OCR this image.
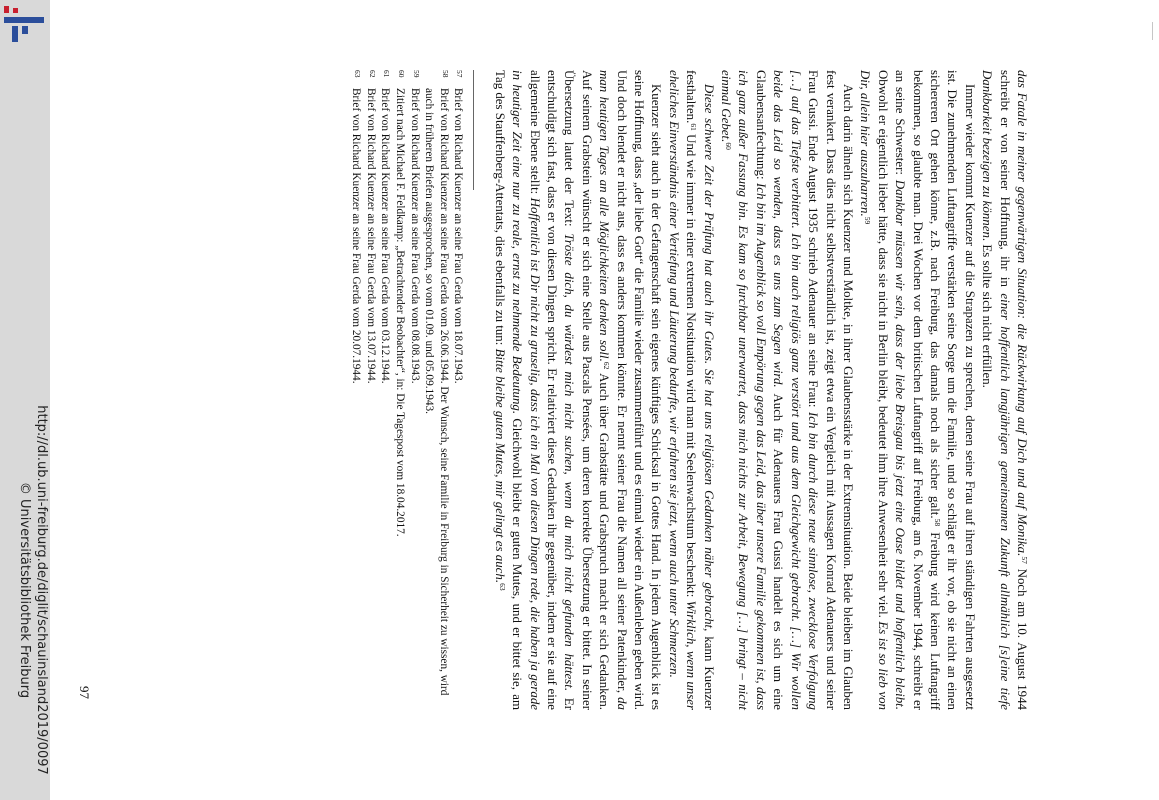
http://dl.ub.uni-freiburg.de/diglit/schauinsland2019/0097
© Universitätsbibliothek Freiburg

das Fatale in meiner gegenwärtigen Situation: die Rückwirkung auf Dich und auf Monika.$^{57}$ Noch am 10. August 1944 schreibt er von seiner Hoffnung, ihr in einer hoffentlich langjährigen gemeinsamen Zukunft allmählich [s]eine tiefe Dankbarkeit bezeigen zu können. Es sollte sich nicht erfüllen.

Immer wieder kommt Kuenzer auf die Strapazen zu sprechen, denen seine Frau auf ihren ständigen Fahrten ausgesetzt ist. Die zunehmenden Luftangriffe verstärken seine Sorge um die Familie, und so schlägt er ihr vor, ob sie nicht an einen sichereren Ort gehen könne, z.B. nach Freiburg, das damals noch als sicher galt.$^{58}$ Freiburg wird keinen Luftangriff bekommen, so glaubte man. Drei Wochen vor dem britischen Luftangriff auf Freiburg, am 6. November 1944, schreibt er an seine Schwester: Dankbar müssen wir sein, dass der liebe Breisgau bis jetzt eine Oase bildet und hoffentlich bleibt. Obwohl er eigentlich lieber hätte, dass sie nicht in Berlin bleibt, bedeutet ihm ihre Anwesenheit sehr viel. Es ist so lieb von Dir, allein hier auszuharren.$^{59}$

Auch darin ähneln sich Kuenzer und Moltke, in ihrer Glaubensstärke in der Extremsituation. Beide bleiben im Glauben fest verankert. Dass dies nicht selbstverständlich ist, zeigt etwa ein Vergleich mit Aussagen Konrad Adenauers und seiner Frau Gussi. Ende August 1935 schrieb Adenauer an seine Frau: Ich bin durch diese neue sinnlose, zwecklose Verfolgung […] auf das Tiefste verbittert. Ich bin auch religiös ganz verstört und aus dem Gleichgewicht gebracht. […] Wir wollen beide das Leid so wenden, dass es uns zum Segen wird. Auch für Adenauers Frau Gussi handelt es sich um eine Glaubensanfechtung: Ich bin im Augenblick so voll Empörung gegen das Leid, das über unsere Familie gekommen ist, dass ich ganz außer Fassung bin. Es kam so furchtbar unerwartet, dass mich nichts zur Arbeit, Bewegung […] bringt – nicht einmal Gebet.$^{60}$

Diese schwere Zeit der Prüfung hat auch ihr Gutes. Sie hat uns religiösen Gedanken näher gebracht, kann Kuenzer festhalten.$^{61}$ Und wie immer in einer extremen Notsituation wird man mit Seelenwachstum beschenkt: Wirklich, wenn unser eheliches Einverständnis einer Vertiefung und Läuterung bedurfte, wir erfahren sie jetzt, wenn auch unter Schmerzen.

Kuenzer sieht auch in der Gefangenschaft sein eigenes künftiges Schicksal in Gottes Hand. In jedem Augenblick ist es seine Hoffnung, dass „der liebe Gott“ die Familie wieder zusammenführt und es einmal wieder ein Außenleben geben wird. Und doch blendet er nicht aus, dass es anders kommen könnte. Er nennt seiner Frau die Namen all seiner Patenkinder, da man heutigen Tages an alle Möglichkeiten denken soll.$^{62}$ Auch über Grabstätte und Grabspruch macht er sich Gedanken. Auf seinem Grabstein wünscht er sich eine Stelle aus Pascals Pensées, um deren korrekte Übersetzung er bittet. In seiner Übersetzung lautet der Text: Tröste dich, du würdest mich nicht suchen, wenn du mich nicht gefunden hättest. Er entschuldigt sich fast, dass er von diesen Dingen spricht. Er relativiert diese Gedanken ihr gegenüber, indem er sie auf eine allgemeine Ebene stellt: Hoffentlich ist Dir nicht zu gruselig, dass ich ein Mal von diesen Dingen rede, die haben ja gerade in heutiger Zeit eine nur zu reale, ernst zu nehmende Bedeutung. Gleichwohl bleibt er guten Mutes, und er bittet sie, am Tag des Stauffenberg-Attentats, dies ebenfalls zu tun: Bitte bleibe guten Mutes, mir gelingt es auch.$^{63}$

57
Brief von Richard Kuenzer an seine Frau Gerda vom 18.07.1943.
58
Brief von Richard Kuenzer an seine Frau Gerda vom 26.06.1944. Der Wunsch, seine Familie in Freiburg in Sicherheit zu wissen, wird auch in früheren Briefen ausgesprochen, so vom 01.09. und 05.09.1943.
59
Brief von Richard Kuenzer an seine Frau Gerda vom 08.08.1943.
60
Zitiert nach Michael F. Feldkamp: „Betrachtender Beobachter“, in: Die Tagespost vom 18.04.2017.
61
Brief von Richard Kuenzer an seine Frau Gerda vom 03.12.1944.
62
Brief von Richard Kuenzer an seine Frau Gerda vom 13.07.1944.
63
Brief von Richard Kuenzer an seine Frau Gerda vom 20.07.1944.
97
